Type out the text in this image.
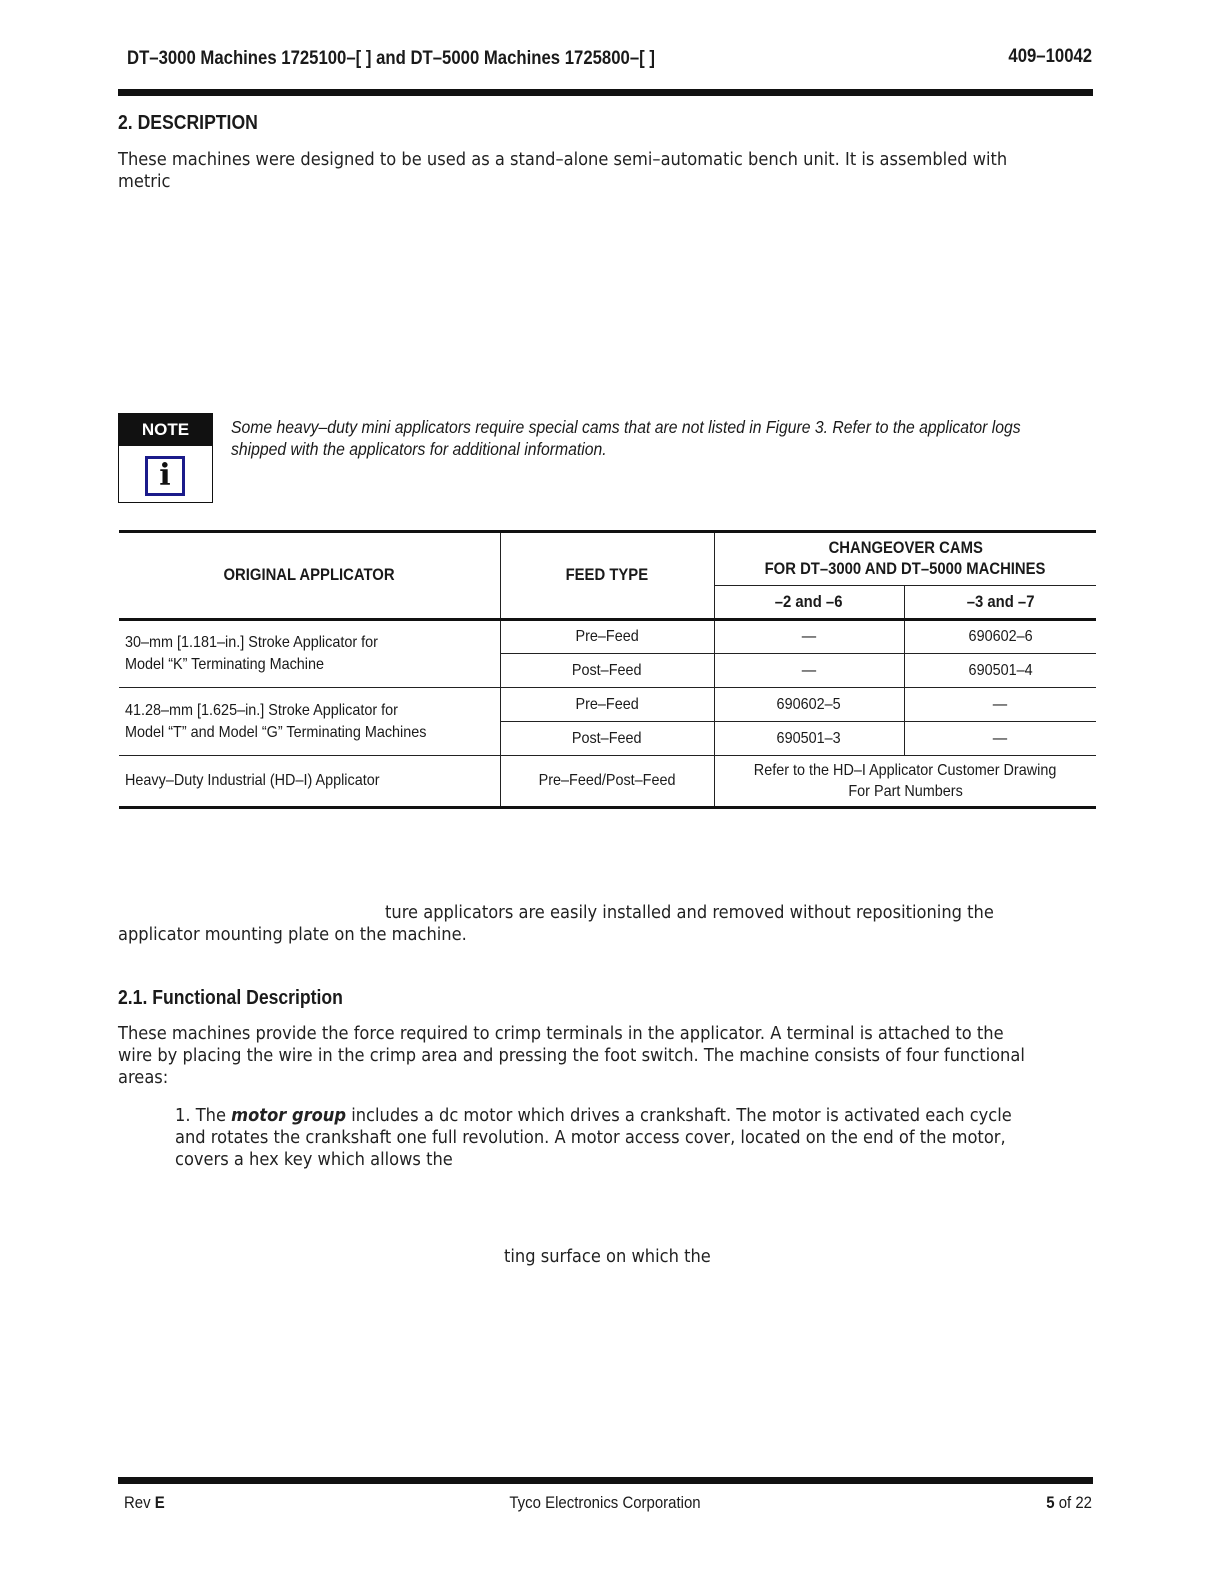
DT–3000 Machines 1725100–[ ] and DT–5000 Machines 1725800–[ ]	409–10042
2. DESCRIPTION
These machines were designed to be used as a stand–alone semi–automatic bench unit. It is assembled with
metric
NOTE
i
Some heavy–duty mini applicators require special cams that are not listed in Figure 3. Refer to the applicator logs
shipped with the applicators for additional information.
ORIGINAL APPLICATOR	FEED TYPE	CHANGEOVER CAMS
FOR DT–3000 AND DT–5000 MACHINES	
		–2 and –6	–3 and –7
30–mm [1.181–in.] Stroke Applicator for
Model “K” Terminating Machine	Pre–Feed	—	690602–6
	Post–Feed	—	690501–4
41.28–mm [1.625–in.] Stroke Applicator for
Model “T” and Model “G” Terminating Machines	Pre–Feed	690602–5	—
	Post–Feed	690501–3	—
Heavy–Duty Industrial (HD–I) Applicator	Pre–Feed/Post–Feed	Refer to the HD–I Applicator Customer Drawing
For Part Numbers	
ture applicators are easily installed and removed without repositioning the
applicator mounting plate on the machine.
2.1. Functional Description
These machines provide the force required to crimp terminals in the applicator. A terminal is attached to the
wire by placing the wire in the crimp area and pressing the foot switch. The machine consists of four functional
areas:
1. The motor group includes a dc motor which drives a crankshaft. The motor is activated each cycle
and rotates the crankshaft one full revolution. A motor access cover, located on the end of the motor,
covers a hex key which allows the
ting surface on which the
Rev E	Tyco Electronics Corporation	5 of 22
